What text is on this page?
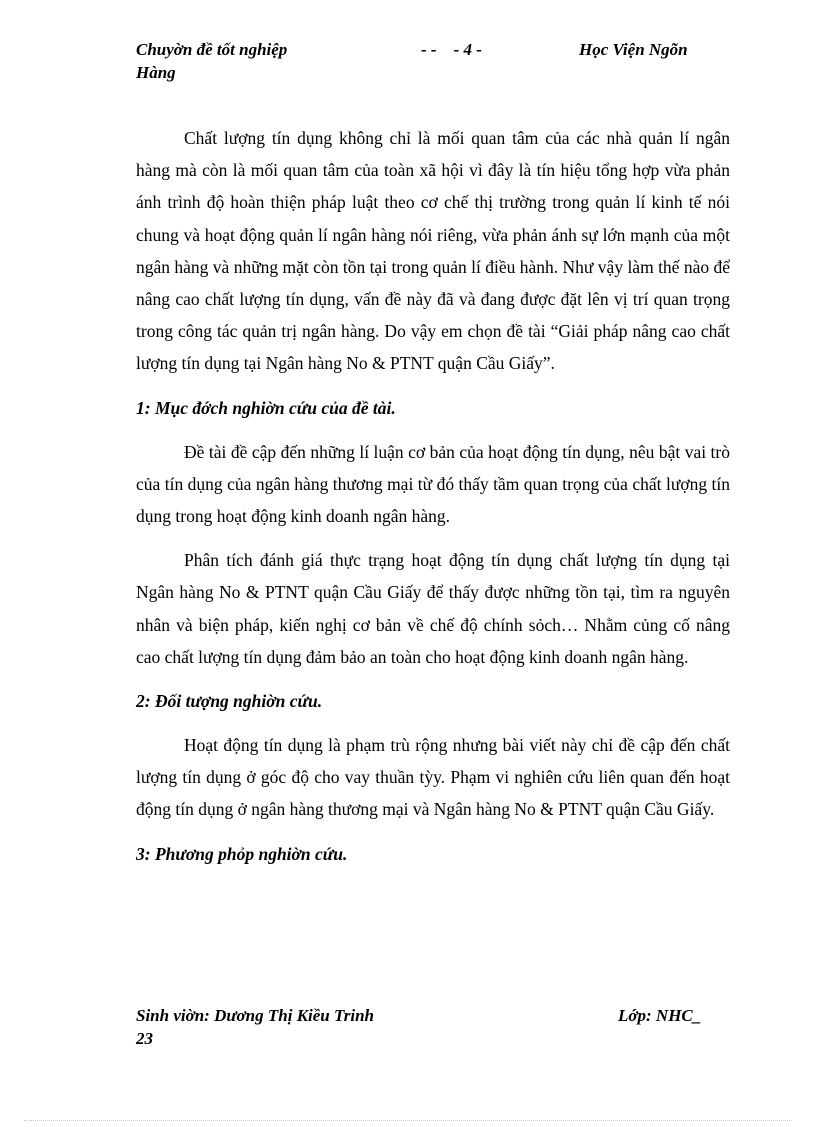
Chuyờn đề tốt nghiệp	- -    - 4 -	Học Viện Ngõn
Hàng

Chất lượng tín dụng không chỉ là mối quan tâm của các nhà quản lí ngân hàng mà còn là mối quan tâm của toàn xã hội vì đây là tín hiệu tổng hợp vừa phản ánh trình độ hoàn thiện pháp luật theo cơ chế thị trường trong quản lí kinh tế nói chung và hoạt động quản lí ngân hàng nói riêng, vừa phản ánh sự lớn mạnh của một ngân hàng và những mặt còn tồn tại trong quản lí điều hành. Như vậy làm thế nào để nâng cao chất lượng tín dụng, vấn đề này đã và đang được đặt lên vị trí quan trọng trong công tác quản trị ngân hàng. Do vậy em chọn đề tài “Giải pháp nâng cao chất lượng tín dụng tại Ngân hàng No & PTNT quận Cầu Giấy”.

1: Mục đớch nghiờn cứu của đề tài.

Đề tài đề cập đến những lí luận cơ bản của hoạt động tín dụng, nêu bật vai trò của tín dụng của ngân hàng thương mại từ đó thấy tầm quan trọng của chất lượng tín dụng trong hoạt động kinh doanh ngân hàng.

Phân tích đánh giá thực trạng hoạt động tín dụng chất lượng tín dụng tại Ngân hàng No & PTNT quận Cầu Giấy để thấy được những tồn tại, tìm ra nguyên nhân và biện pháp, kiến nghị cơ bản về chế độ chính sỏch… Nhằm củng cố nâng cao chất lượng tín dụng đảm bảo an toàn cho hoạt động kinh doanh ngân hàng.

2: Đối tượng nghiờn cứu.

Hoạt động tín dụng là phạm trù rộng nhưng bài viết này chỉ đề cập đến chất lượng tín dụng ở góc độ cho vay thuần tỳy. Phạm vi nghiên cứu liên quan đến hoạt động tín dụng ở ngân hàng thương mại và Ngân hàng No & PTNT quận Cầu Giấy.

3: Phương phỏp nghiờn cứu.

Sinh viờn: Dương Thị Kiều Trinh	Lớp: NHC_
23
